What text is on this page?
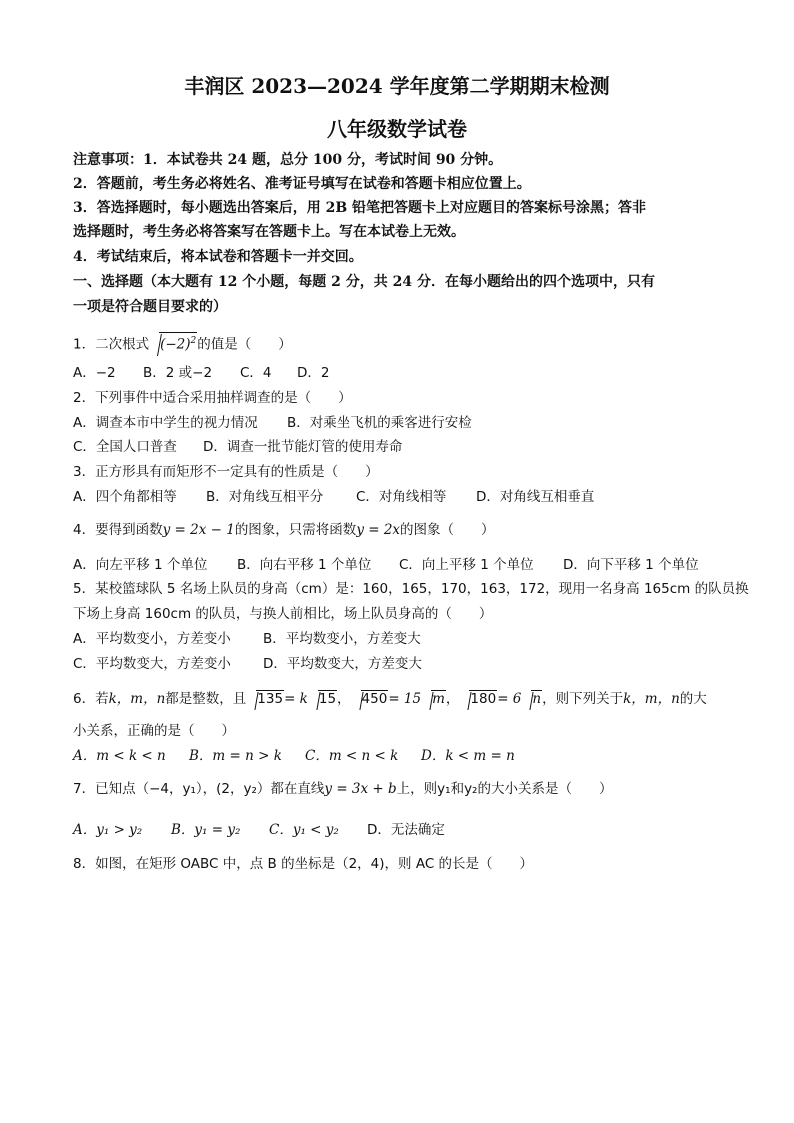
丰润区 2023—2024 学年度第二学期期末检测
八年级数学试卷
注意事项：1．本试卷共 24 题，总分 100 分，考试时间 90 分钟。
2．答题前，考生务必将姓名、准考证号填写在试卷和答题卡相应位置上。
3．答选择题时，每小题选出答案后，用 2B 铅笔把答题卡上对应题目的答案标号涂黑；答非
选择题时，考生务必将答案写在答题卡上。写在本试卷上无效。
4．考试结束后，将本试卷和答题卡一并交回。
一、选择题（本大题有 12 个小题，每题 2 分，共 24 分．在每小题给出的四个选项中，只有
一项是符合题目要求的）
1．二次根式 $(-2)^2$的值是（　　）
A．−2 B．2 或−2 C．4 D．2
2．下列事件中适合采用抽样调查的是（　　）
A．调查本市中学生的视力情况 B．对乘坐飞机的乘客进行安检
C．全国人口普查 D．调查一批节能灯管的使用寿命
3．正方形具有而矩形不一定具有的性质是（　　）
A．四个角都相等 B．对角线互相平分 C．对角线相等 D．对角线互相垂直
4．要得到函数y = 2x − 1的图象，只需将函数y = 2x的图象（　　）
A．向左平移 1 个单位 B．向右平移 1 个单位 C．向上平移 1 个单位 D．向下平移 1 个单位
5．某校篮球队 5 名场上队员的身高（cm）是：160，165，170，163，172，现用一名身高 165cm 的队员换
下场上身高 160cm 的队员，与换人前相比，场上队员身高的（　　）
A．平均数变小，方差变小 B．平均数变小，方差变大
C．平均数变大，方差变小 D．平均数变大，方差变大
6．若k，m，n都是整数，且 135= k 15， 450= 15 m， 180= 6 n，则下列关于k，m，n的大
小关系，正确的是（　　）
A．m < k < n B．m = n > k C．m < n < k D．k < m = n
7．已知点（−4，y₁），(2，y₂）都在直线y = 3x + b上，则y₁和y₂的大小关系是（　　）
A．y₁ > y₂ B．y₁ = y₂ C．y₁ < y₂ D．无法确定
8．如图，在矩形 OABC 中，点 B 的坐标是（2，4)，则 AC 的长是（　　）
